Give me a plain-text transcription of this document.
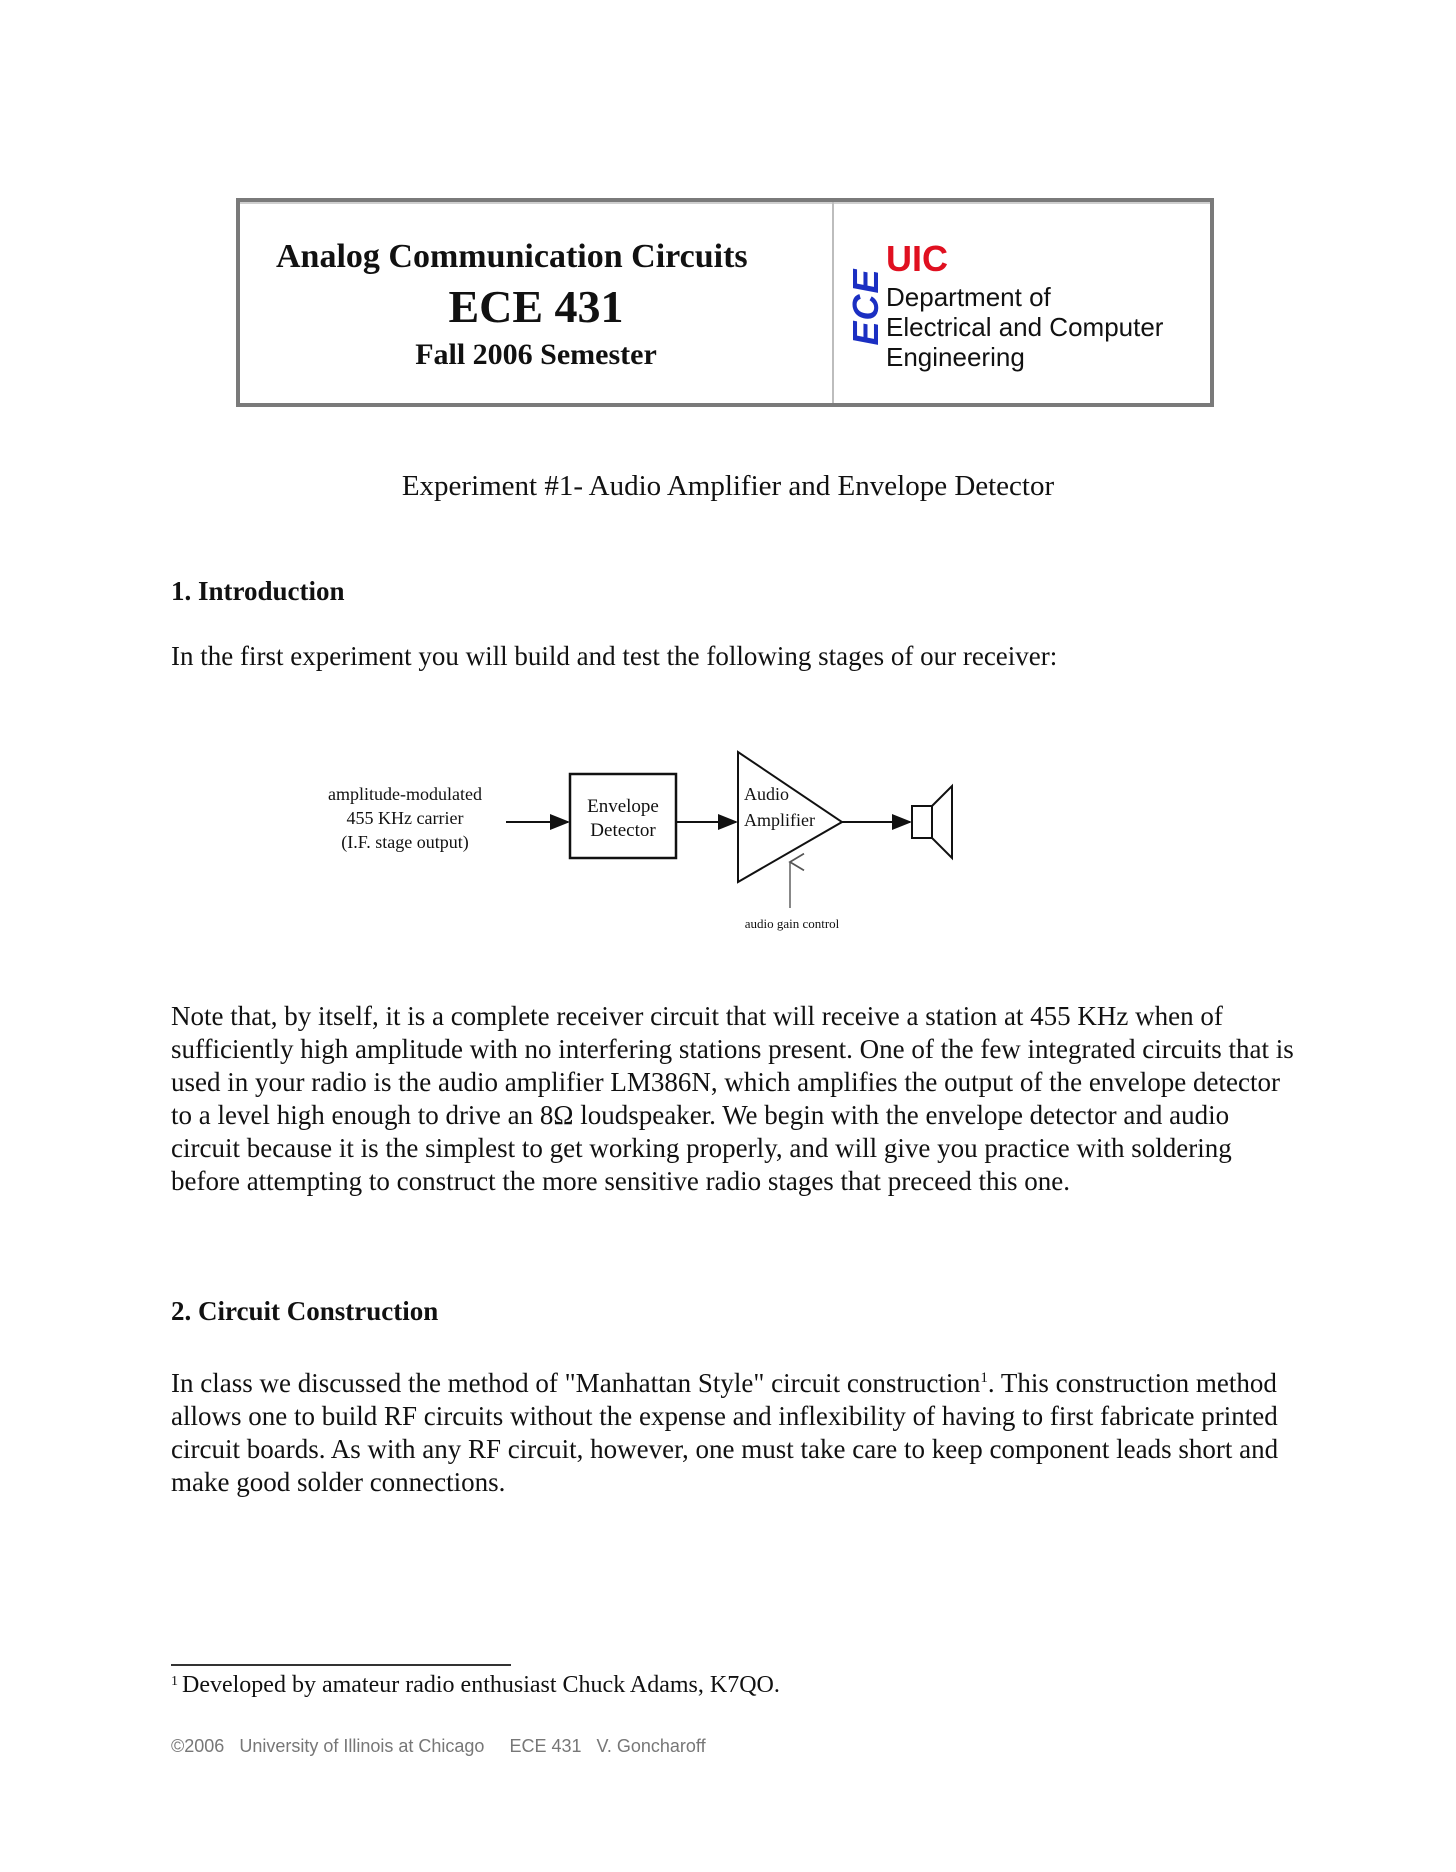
Analog Communication Circuits
ECE 431
Fall 2006 Semester
ECE
UIC
Department of
Electrical and Computer
Engineering
Experiment #1- Audio Amplifier and Envelope Detector
1. Introduction

In the first experiment you will build and test the following stages of our receiver:

amplitude-modulated
455 KHz carrier
(I.F. stage output)
Envelope
Detector
Audio
Amplifier
audio gain control

Note that, by itself, it is a complete receiver circuit that will receive a station at 455 KHz when of sufficiently high amplitude with no interfering stations present. One of the few integrated circuits that is used in your radio is the audio amplifier LM386N, which amplifies the output of the envelope detector to a level high enough to drive an 8Ω loudspeaker. We begin with the envelope detector and audio circuit because it is the simplest to get working properly, and will give you practice with soldering before attempting to construct the more sensitive radio stages that preceed this one.

2. Circuit Construction

In class we discussed the method of "Manhattan Style" circuit construction$^1$. This construction method allows one to build RF circuits without the expense and inflexibility of having to first fabricate printed circuit boards. As with any RF circuit, however, one must take care to keep component leads short and make good solder connections.

$^1$ Developed by amateur radio enthusiast Chuck Adams, K7QO.
©2006 University of Illinois at Chicago ECE 431 V. Goncharoff
